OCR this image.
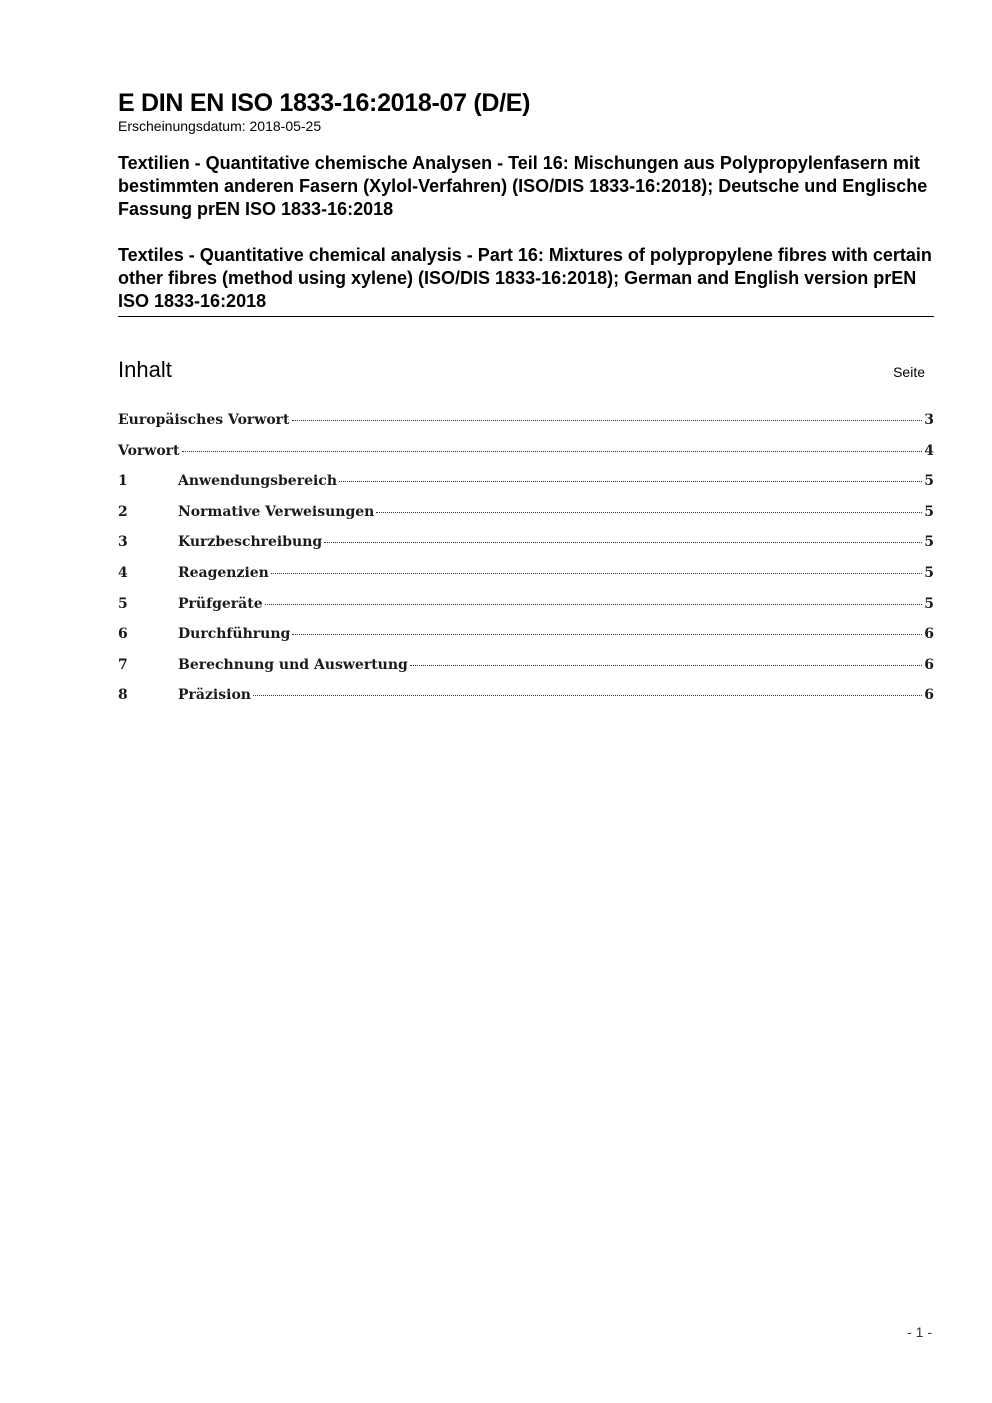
E DIN EN ISO 1833-16:2018-07 (D/E)

Erscheinungsdatum: 2018-05-25

Textilien - Quantitative chemische Analysen - Teil 16: Mischungen aus Polypropylenfasern mit bestimmten anderen Fasern (Xylol-Verfahren) (ISO/DIS 1833-16:2018); Deutsche und Englische Fassung prEN ISO 1833-16:2018

Textiles - Quantitative chemical analysis - Part 16: Mixtures of polypropylene fibres with certain other fibres (method using xylene) (ISO/DIS 1833-16:2018); German and English version prEN ISO 1833-16:2018

Inhalt	Seite
Europäisches Vorwort	3
Vorwort	4
1	Anwendungsbereich	5
2	Normative Verweisungen	5
3	Kurzbeschreibung	5
4	Reagenzien	5
5	Prüfgeräte	5
6	Durchführung	6
7	Berechnung und Auswertung	6
8	Präzision	6
- 1 -
